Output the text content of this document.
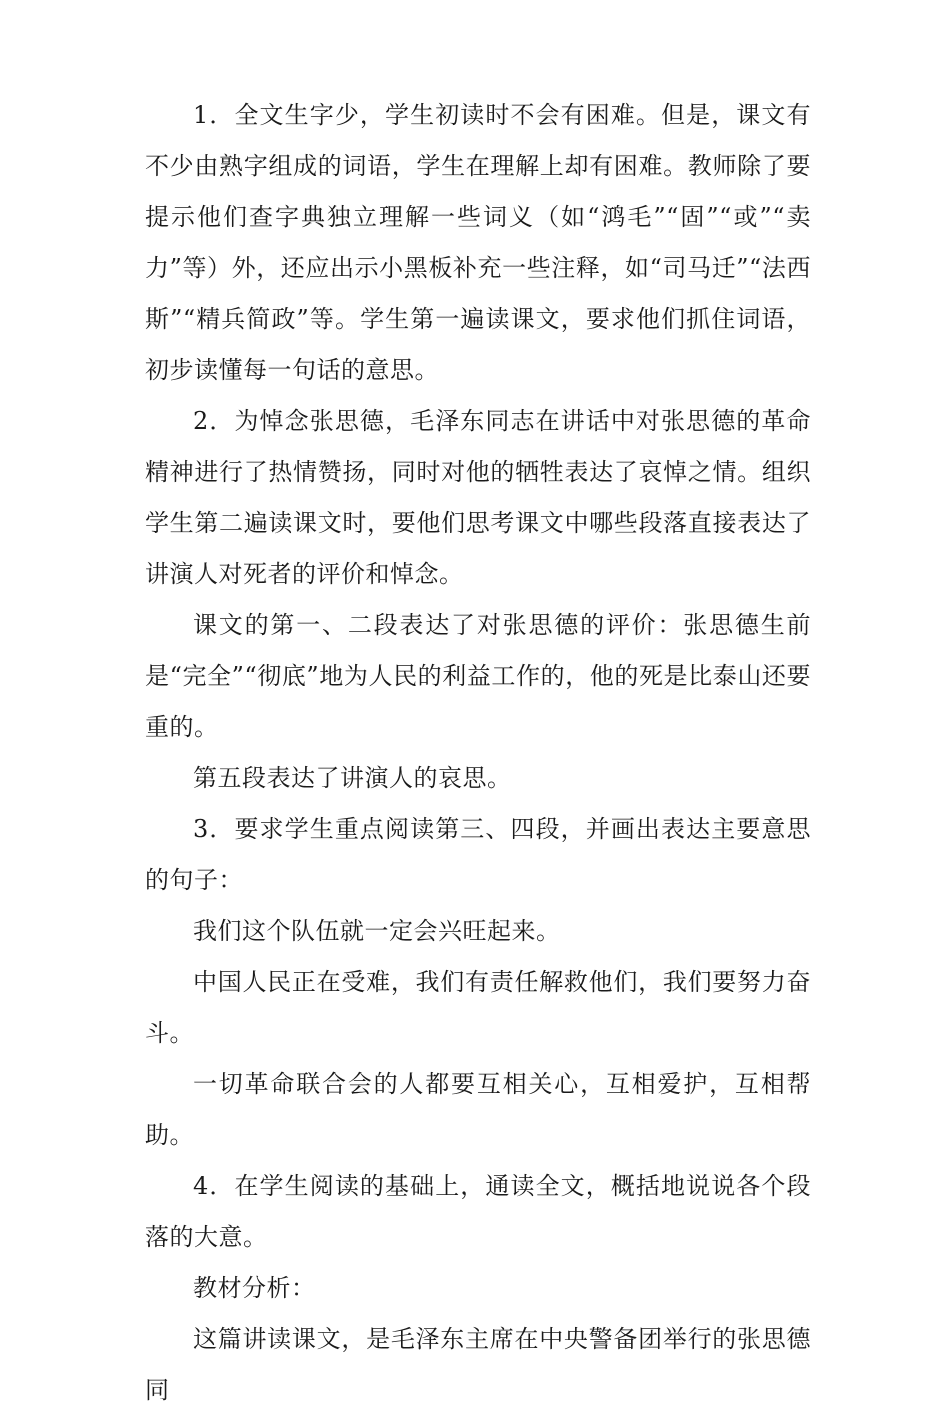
1．全文生字少，学生初读时不会有困难。但是，课文有不少由熟字组成的词语，学生在理解上却有困难。教师除了要提示他们查字典独立理解一些词义（如“鸿毛”“固”“或”“卖力”等）外，还应出示小黑板补充一些注释，如“司马迁”“法西斯”“精兵简政”等。学生第一遍读课文，要求他们抓住词语，初步读懂每一句话的意思。

2．为悼念张思德，毛泽东同志在讲话中对张思德的革命精神进行了热情赞扬，同时对他的牺牲表达了哀悼之情。组织学生第二遍读课文时，要他们思考课文中哪些段落直接表达了讲演人对死者的评价和悼念。

课文的第一、二段表达了对张思德的评价：张思德生前是“完全”“彻底”地为人民的利益工作的，他的死是比泰山还要重的。

第五段表达了讲演人的哀思。

3．要求学生重点阅读第三、四段，并画出表达主要意思的句子：

我们这个队伍就一定会兴旺起来。

中国人民正在受难，我们有责任解救他们，我们要努力奋斗。

一切革命联合会的人都要互相关心，互相爱护，互相帮助。

4．在学生阅读的基础上，通读全文，概括地说说各个段落的大意。

教材分析：

这篇讲读课文，是毛泽东主席在中央警备团举行的张思德同
